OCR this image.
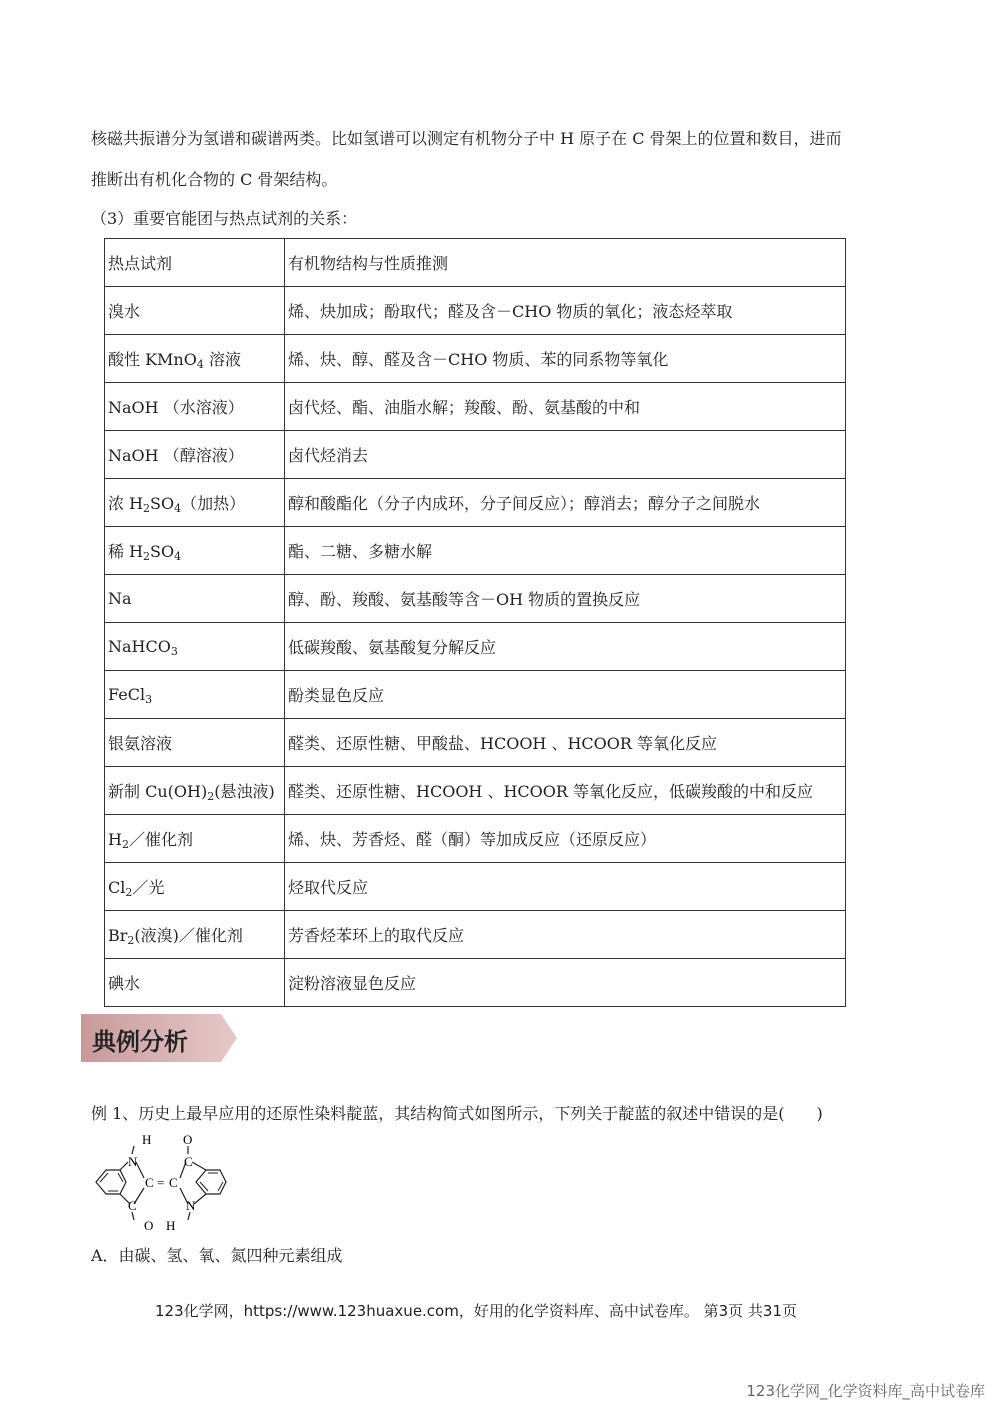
核磁共振谱分为氢谱和碳谱两类。比如氢谱可以测定有机物分子中 H 原子在 C 骨架上的位置和数目，进而
推断出有机化合物的 C 骨架结构。
（3）重要官能团与热点试剂的关系：
热点试剂	有机物结构与性质推测
溴水	烯、炔加成；酚取代；醛及含－CHO 物质的氧化；液态烃萃取
酸性 KMnO$_4$ 溶液	烯、炔、醇、醛及含－CHO 物质、苯的同系物等氧化
NaOH （水溶液）	卤代烃、酯、油脂水解；羧酸、酚、氨基酸的中和
NaOH （醇溶液）	卤代烃消去
浓 $H_2SO_4$（加热）	醇和酸酯化（分子内成环，分子间反应）；醇消去；醇分子之间脱水
稀 $H_2SO_4$	酯、二糖、多糖水解
Na	醇、酚、羧酸、氨基酸等含－OH 物质的置换反应
NaHCO$_3$	低碳羧酸、氨基酸复分解反应
FeCl$_3$	酚类显色反应
银氨溶液	醛类、还原性糖、甲酸盐、HCOOH 、HCOOR 等氧化反应
新制 $Cu(OH)_2$(悬浊液)	醛类、还原性糖、HCOOH 、HCOOR 等氧化反应，低碳羧酸的中和反应
$H_2/$催化剂	烯、炔、芳香烃、醛（酮）等加成反应（还原反应）
$Cl_2/$光	烃取代反应
$Br_2$(液溴)／催化剂	芳香烃苯环上的取代反应
碘水	淀粉溶液显色反应
典例分析
例 1、历史上最早应用的还原性染料靛蓝，其结构简式如图所示，下列关于靛蓝的叙述中错误的是(　　)
H
N
O
C
C = C
C
O
N
H
A．由碳、氢、氧、氮四种元素组成
123化学网，https://www.123huaxue.com，好用的化学资料库、高中试卷库。 第3页 共31页
123化学网_化学资料库_高中试卷库
